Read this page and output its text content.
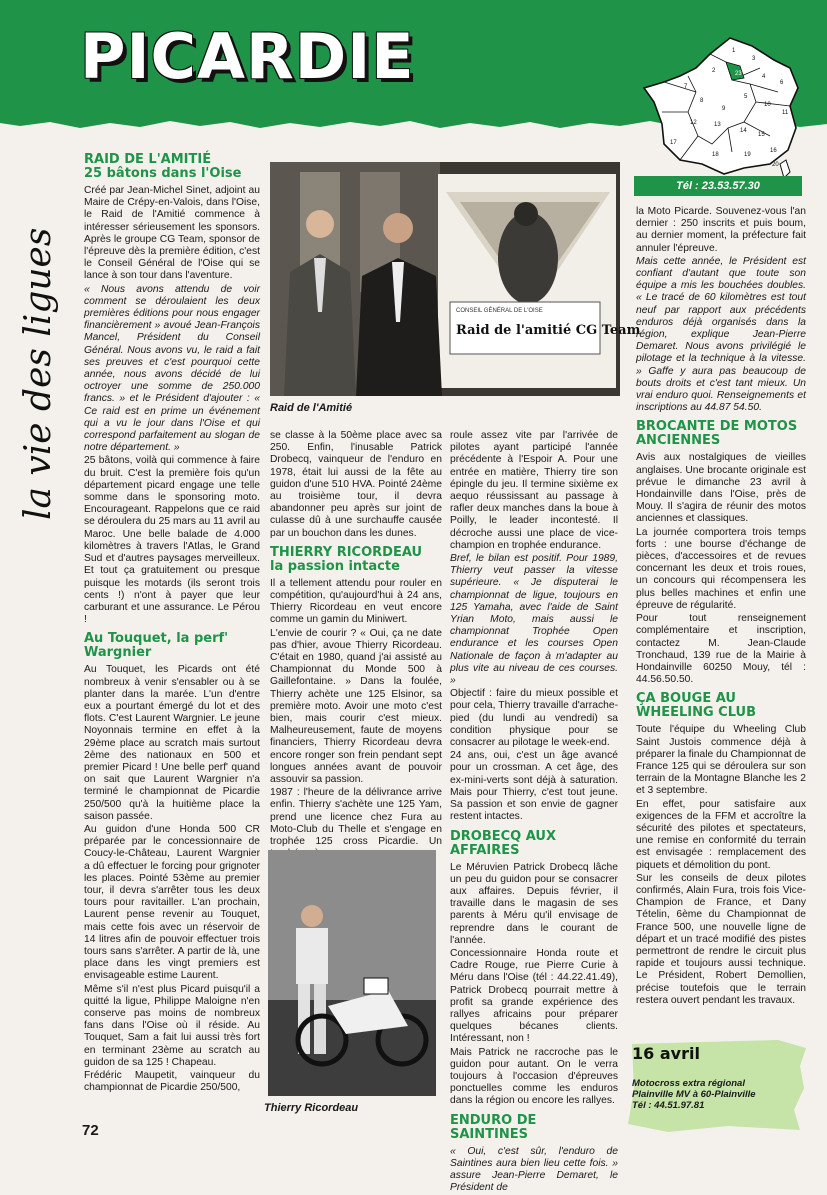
PICARDIE	23
1
3
4
6
2
7
5
10
11
8
9
12	13
14
15
16
17
18	19
20
Tél : 23.53.57.30
la vie des ligues
RAID DE L'AMITIÉ
25 bâtons dans l'Oise

Créé par Jean-Michel Sinet, adjoint au Maire de Crépy-en-Valois, dans l'Oise, le Raid de l'Amitié commence à intéresser sérieusement les sponsors. Après le groupe CG Team, sponsor de l'épreuve dès la première édition, c'est le Conseil Général de l'Oise qui se lance à son tour dans l'aventure.

« Nous avons attendu de voir comment se déroulaient les deux premières éditions pour nous engager financièrement » avoué Jean-François Mancel, Président du Conseil Général. Nous avons vu, le raid a fait ses preuves et c'est pourquoi cette année, nous avons décidé de lui octroyer une somme de 250.000 francs. » et le Président d'ajouter : « Ce raid est en prime un événement qui a vu le jour dans l'Oise et qui correspond parfaitement au slogan de notre département. »

25 bâtons, voilà qui commence à faire du bruit. C'est la première fois qu'un département picard engage une telle somme dans le sponsoring moto. Encourageant. Rappelons que ce raid se déroulera du 25 mars au 11 avril au Maroc. Une belle balade de 4.000 kilomètres à travers l'Atlas, le Grand Sud et d'autres paysages merveilleux. Et tout ça gratuitement ou presque puisque les motards (ils seront trois cents !) n'ont à payer que leur carburant et une assurance. Le Pérou !

Au Touquet, la perf' Wargnier

Au Touquet, les Picards ont été nombreux à venir s'ensabler ou à se planter dans la marée. L'un d'entre eux a pourtant émergé du lot et des flots. C'est Laurent Wargnier. Le jeune Noyonnais termine en effet à la 29ème place au scratch mais surtout 2ème des nationaux en 500 et premier Picard ! Une belle perf' quand on sait que Laurent Wargnier n'a terminé le championnat de Picardie 250/500 qu'à la huitième place la saison passée.

Au guidon d'une Honda 500 CR préparée par le concessionnaire de Coucy-le-Château, Laurent Wargnier a dû effectuer le forcing pour grignoter les places. Pointé 53ème au premier tour, il devra s'arrêter tous les deux tours pour ravitailler. L'an prochain, Laurent pense revenir au Touquet, mais cette fois avec un réservoir de 14 litres afin de pouvoir effectuer trois tours sans s'arrêter. A partir de là, une place dans les vingt premiers est envisageable estime Laurent.

Même s'il n'est plus Picard puisqu'il a quitté la ligue, Philippe Maloigne n'en conserve pas moins de nombreux fans dans l'Oise où il réside. Au Touquet, Sam a fait lui aussi très fort en terminant 23ème au scratch au guidon de sa 125 ! Chapeau.

Frédéric Maupetit, vainqueur du championnat de Picardie 250/500,

CONSEIL GÉNÉRAL DE L'OISE
Raid de l'amitié CG Team
Raid de l'Amitié

se classe à la 50ème place avec sa 250. Enfin, l'inusable Patrick Drobecq, vainqueur de l'enduro en 1978, était lui aussi de la fête au guidon d'une 510 HVA. Pointé 24ème au troisième tour, il devra abandonner peu après sur joint de culasse dû à une surchauffe causée par un bouchon dans les dunes.

THIERRY RICORDEAU
la passion intacte

Il a tellement attendu pour rouler en compétition, qu'aujourd'hui à 24 ans, Thierry Ricordeau en veut encore comme un gamin du Miniwert.

L'envie de courir ? « Oui, ça ne date pas d'hier, avoue Thierry Ricordeau. C'était en 1980, quand j'ai assisté au Championnat du Monde 500 à Gaillefontaine. » Dans la foulée, Thierry achète une 125 Elsinor, sa première moto. Avoir une moto c'est bien, mais courir c'est mieux. Malheureusement, faute de moyens financiers, Thierry Ricordeau devra encore ronger son frein pendant sept longues années avant de pouvoir assouvir sa passion.

1987 : l'heure de la délivrance arrive enfin. Thierry s'achète une 125 Yam, prend une licence chez Fura au Moto-Club du Thelle et s'engage en trophée 125 cross Picardie. Un

Thierry Ricordeau

roule assez vite par l'arrivée de pilotes ayant participé l'année précédente à l'Espoir A. Pour une entrée en matière, Thierry tire son épingle du jeu. Il termine sixième ex aequo réussissant au passage à rafler deux manches dans la boue à Poilly, le leader incontesté. Il décroche aussi une place de vice-champion en trophée endurance.

Bref, le bilan est positif. Pour 1989, Thierry veut passer la vitesse supérieure. « Je disputerai le championnat de ligue, toujours en 125 Yamaha, avec l'aide de Saint Yrian Moto, mais aussi le championnat Trophée Open endurance et les courses Open Nationale de façon à m'adapter au plus vite au niveau de ces courses. »

Objectif : faire du mieux possible et pour cela, Thierry travaille d'arrache-pied (du lundi au vendredi) sa condition physique pour se consacrer au pilotage le week-end.

24 ans, oui, c'est un âge avancé pour un crossman. A cet âge, des ex-mini-verts sont déjà à saturation. Mais pour Thierry, c'est tout jeune. Sa passion et son envie de gagner restent intactes.

DROBECQ AUX AFFAIRES

Le Méruvien Patrick Drobecq lâche un peu du guidon pour se consacrer aux affaires. Depuis février, il travaille dans le magasin de ses parents à Méru qu'il envisage de reprendre dans le courant de l'année.

Concessionnaire Honda route et Cadre Rouge, rue Pierre Curie à Méru dans l'Oise (tél : 44.22.41.49), Patrick Drobecq pourrait mettre à profit sa grande expérience des rallyes africains pour préparer quelques bécanes clients. Intéressant, non !

Mais Patrick ne raccroche pas le guidon pour autant. On le verra toujours à l'occasion d'épreuves ponctuelles comme les enduros dans la région ou encore les rallyes.

ENDURO DE SAINTINES

« Oui, c'est sûr, l'enduro de Saintines aura bien lieu cette fois. » assure Jean-Pierre Demaret, le Président de

la Moto Picarde. Souvenez-vous l'an dernier : 250 inscrits et puis boum, au dernier moment, la préfecture fait annuler l'épreuve.

Mais cette année, le Président est confiant d'autant que toute son équipe a mis les bouchées doubles. « Le tracé de 60 kilomètres est tout neuf par rapport aux précédents enduros déjà organisés dans la région, explique Jean-Pierre Demaret. Nous avons privilégié le pilotage et la technique à la vitesse. » Gaffe y aura pas beaucoup de bouts droits et c'est tant mieux. Un vrai enduro quoi. Renseignements et inscriptions au 44.87 54.50.

BROCANTE DE MOTOS ANCIENNES

Avis aux nostalgiques de vieilles anglaises. Une brocante originale est prévue le dimanche 23 avril à Hondainville dans l'Oise, près de Mouy. Il s'agira de réunir des motos anciennes et classiques.

La journée comportera trois temps forts : une bourse d'échange de pièces, d'accessoires et de revues concernant les deux et trois roues, un concours qui récompensera les plus belles machines et enfin une épreuve de régularité.

Pour tout renseignement complémentaire et inscription, contactez M. Jean-Claude Tronchaud, 139 rue de la Mairie à Hondainville 60250 Mouy, tél : 44.56.50.50.

ÇA BOUGE AU WHEELING CLUB

Toute l'équipe du Wheeling Club Saint Justois commence déjà à préparer la finale du Championnat de France 125 qui se déroulera sur son terrain de la Montagne Blanche les 2 et 3 septembre.

En effet, pour satisfaire aux exigences de la FFM et accroître la sécurité des pilotes et spectateurs, une remise en conformité du terrain est envisagée : remplacement des piquets et démolition du pont.

Sur les conseils de deux pilotes confirmés, Alain Fura, trois fois Vice-Champion de France, et Dany Tételin, 6ème du Championnat de France 500, une nouvelle ligne de départ et un tracé modifié des pistes permettront de rendre le circuit plus rapide et toujours aussi technique. Le Président, Robert Demollien, précise toutefois que le terrain restera ouvert pendant les travaux.

16 avril
Motocross extra régional
Plainville MV à 60-Plainville
Tél : 44.51.97.81
72
